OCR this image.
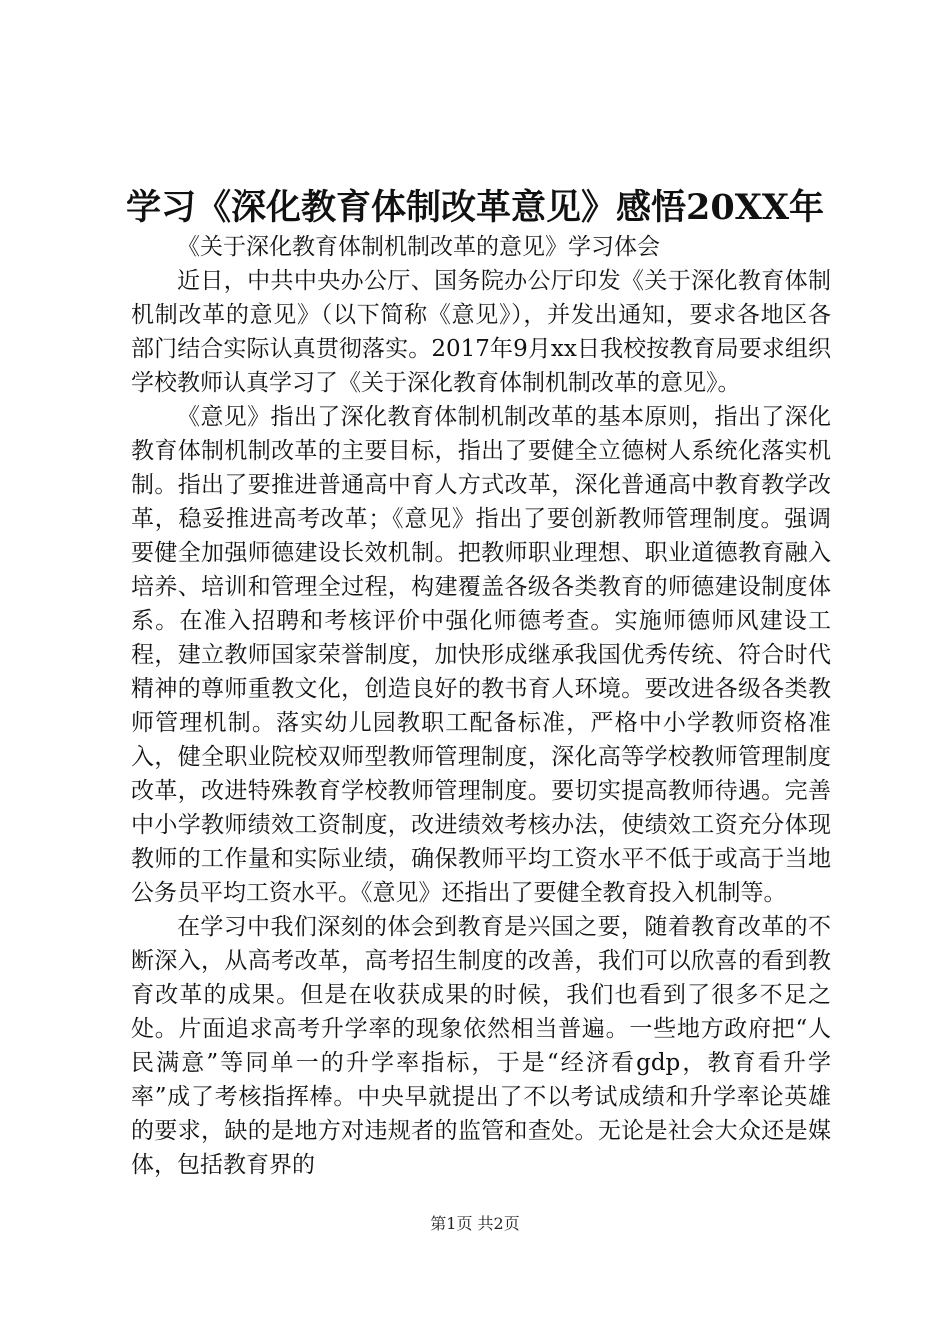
学习《深化教育体制改革意见》感悟20XX年

《关于深化教育体制机制改革的意见》学习体会

近日，中共中央办公厅、国务院办公厅印发《关于深化教育体制机制改革的意见》（以下简称《意见》），并发出通知，要求各地区各部门结合实际认真贯彻落实。2017年9月xx日我校按教育局要求组织学校教师认真学习了《关于深化教育体制机制改革的意见》。

《意见》指出了深化教育体制机制改革的基本原则，指出了深化教育体制机制改革的主要目标，指出了要健全立德树人系统化落实机制。指出了要推进普通高中育人方式改革，深化普通高中教育教学改革，稳妥推进高考改革；《意见》指出了要创新教师管理制度。强调要健全加强师德建设长效机制。把教师职业理想、职业道德教育融入培养、培训和管理全过程，构建覆盖各级各类教育的师德建设制度体系。在准入招聘和考核评价中强化师德考查。实施师德师风建设工程，建立教师国家荣誉制度，加快形成继承我国优秀传统、符合时代精神的尊师重教文化，创造良好的教书育人环境。要改进各级各类教师管理机制。落实幼儿园教职工配备标准，严格中小学教师资格准入，健全职业院校双师型教师管理制度，深化高等学校教师管理制度改革，改进特殊教育学校教师管理制度。要切实提高教师待遇。完善中小学教师绩效工资制度，改进绩效考核办法，使绩效工资充分体现教师的工作量和实际业绩，确保教师平均工资水平不低于或高于当地公务员平均工资水平。《意见》还指出了要健全教育投入机制等。

在学习中我们深刻的体会到教育是兴国之要，随着教育改革的不断深入，从高考改革，高考招生制度的改善，我们可以欣喜的看到教育改革的成果。但是在收获成果的时候，我们也看到了很多不足之处。片面追求高考升学率的现象依然相当普遍。一些地方政府把“人民满意”等同单一的升学率指标，于是“经济看gdp，教育看升学率”成了考核指挥棒。中央早就提出了不以考试成绩和升学率论英雄的要求，缺的是地方对违规者的监管和查处。无论是社会大众还是媒体，包括教育界的

第1页 共2页
